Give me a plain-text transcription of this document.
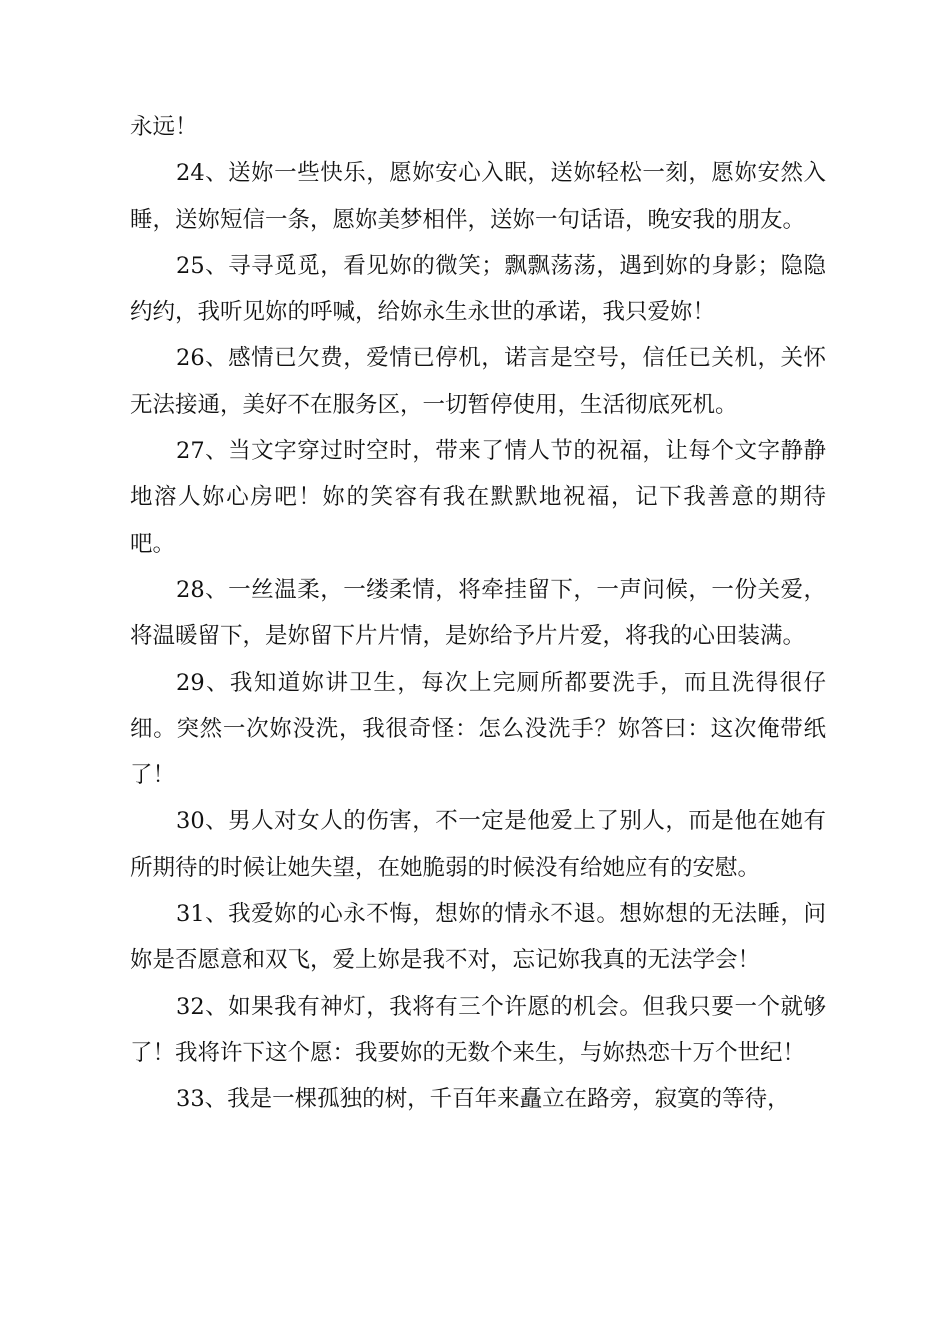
永远！

24、送妳一些快乐，愿妳安心入眠，送妳轻松一刻，愿妳安然入睡，送妳短信一条，愿妳美梦相伴，送妳一句话语，晚安我的朋友。

25、寻寻觅觅，看见妳的微笑；飘飘荡荡，遇到妳的身影；隐隐约约，我听见妳的呼喊，给妳永生永世的承诺，我只爱妳！

26、感情已欠费，爱情已停机，诺言是空号，信任已关机，关怀无法接通，美好不在服务区，一切暂停使用，生活彻底死机。

27、当文字穿过时空时，带来了情人节的祝福，让每个文字静静地溶人妳心房吧！妳的笑容有我在默默地祝福，记下我善意的期待吧。

28、一丝温柔，一缕柔情，将牵挂留下，一声问候，一份关爱，将温暖留下，是妳留下片片情，是妳给予片片爱，将我的心田装满。

29、我知道妳讲卫生，每次上完厕所都要洗手，而且洗得很仔细。突然一次妳没洗，我很奇怪：怎么没洗手？妳答曰：这次俺带纸了！

30、男人对女人的伤害，不一定是他爱上了别人，而是他在她有所期待的时候让她失望，在她脆弱的时候没有给她应有的安慰。

31、我爱妳的心永不悔，想妳的情永不退。想妳想的无法睡，问妳是否愿意和双飞，爱上妳是我不对，忘记妳我真的无法学会！

32、如果我有神灯，我将有三个许愿的机会。但我只要一个就够了！我将许下这个愿：我要妳的无数个来生，与妳热恋十万个世纪！

33、我是一棵孤独的树，千百年来矗立在路旁，寂寞的等待，
